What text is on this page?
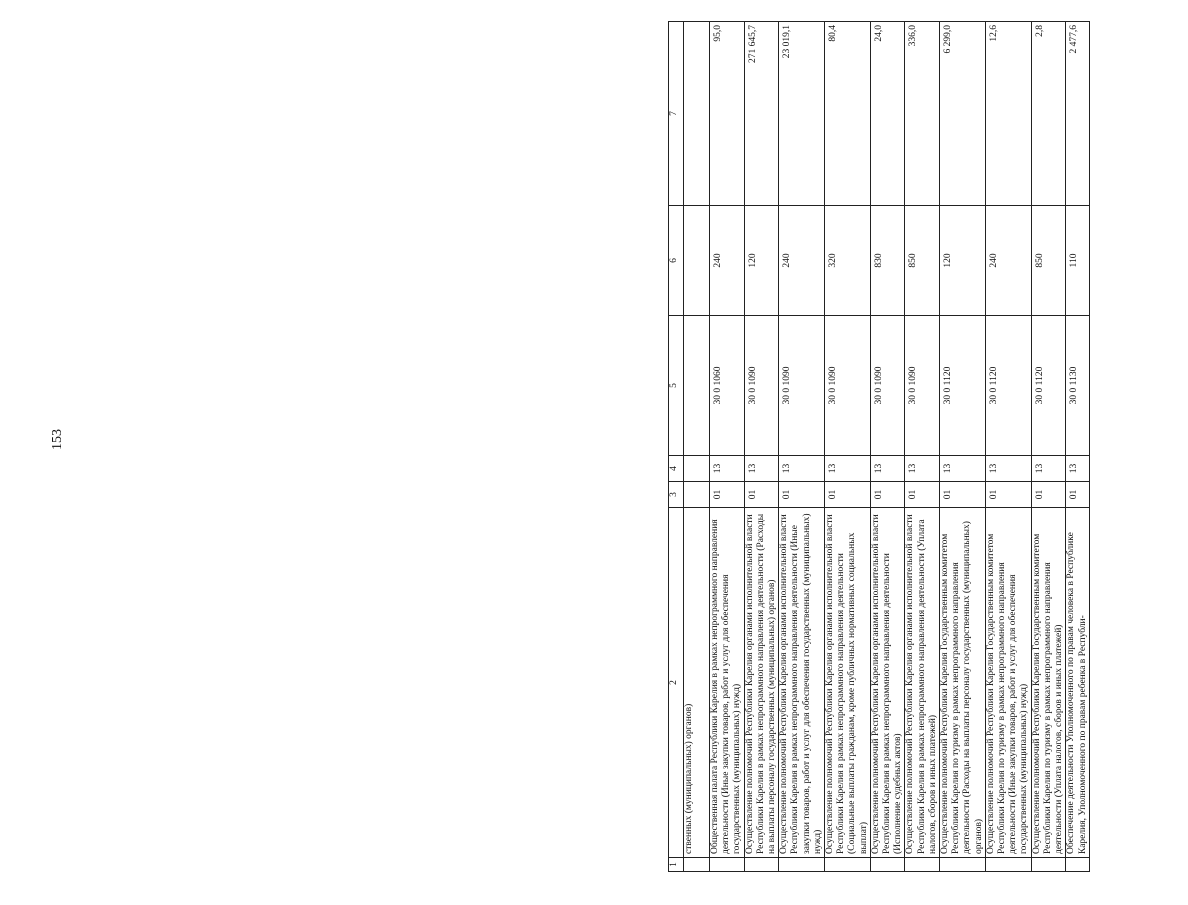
153
1	2	3	4	5	6	7
	ственных (муниципальных) органов)					
	Общественная палата Республики Карелия в рамках непрограммного направления деятельности (Иные закупки товаров, работ и услуг для обеспечения государственных (муниципальных) нужд)	01	13	30 0 1060	240	95,0
	Осуществление полномочий Республики Карелия органами исполнительной власти Республики Карелия в рамках непрограммного направления деятельности (Расходы на выплаты персоналу государственных (муниципальных) органов)	01	13	30 0 1090	120	271 645,7
	Осуществление полномочий Республики Карелия органами исполнительной власти Республики Карелия в рамках непрограммного направления деятельности (Иные закупки товаров, работ и услуг для обеспечения государственных (муниципальных) нужд)	01	13	30 0 1090	240	23 019,1
	Осуществление полномочий Республики Карелия органами исполнительной власти Республики Карелия в рамках непрограммного направления деятельности (Социальные выплаты гражданам, кроме публичных нормативных социальных выплат)	01	13	30 0 1090	320	80,4
	Осуществление полномочий Республики Карелия органами исполнительной власти Республики Карелия в рамках непрограммного направления деятельности (Исполнение судебных актов)	01	13	30 0 1090	830	24,0
	Осуществление полномочий Республики Карелия органами исполнительной власти Республики Карелия в рамках непрограммного направления деятельности (Уплата налогов, сборов и иных платежей)	01	13	30 0 1090	850	336,0
	Осуществление полномочий Республики Карелия Государственным комитетом Республики Карелия по туризму в рамках непрограммного направления деятельности (Расходы на выплаты персоналу государственных (муниципальных) органов)	01	13	30 0 1120	120	6 299,0
	Осуществление полномочий Республики Карелия Государственным комитетом Республики Карелия по туризму в рамках непрограммного направления деятельности (Иные закупки товаров, работ и услуг для обеспечения государственных (муниципальных) нужд)	01	13	30 0 1120	240	12,6
	Осуществление полномочий Республики Карелия Государственным комитетом Республики Карелия по туризму в рамках непрограммного направления деятельности (Уплата налогов, сборов и иных платежей)	01	13	30 0 1120	850	2,8
	Обеспечение деятельности Уполномоченного по правам человека в Республике Карелия, Уполномоченного по правам ребенка в Республи-	01	13	30 0 1130	110	2 477,6
